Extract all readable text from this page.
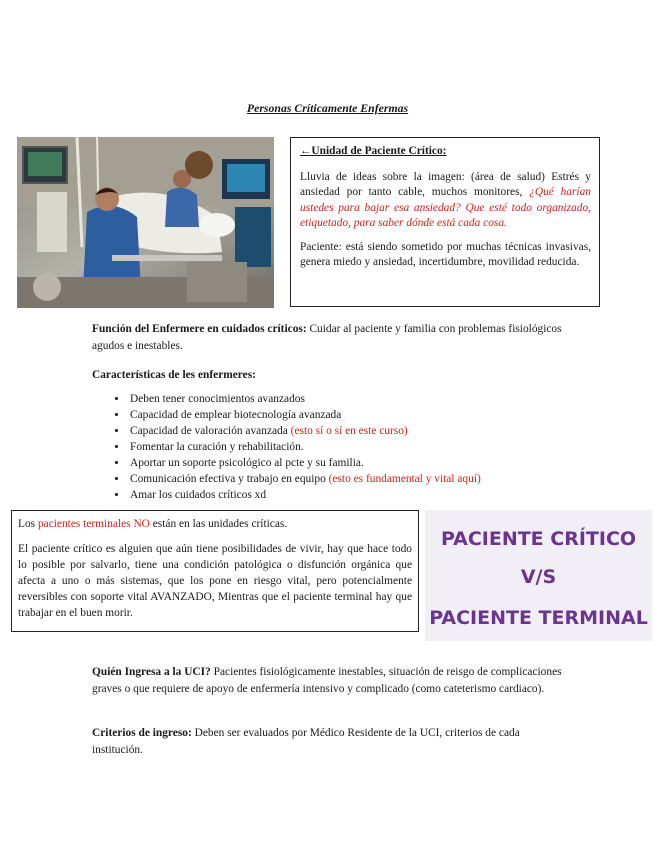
Personas Críticamente Enfermas
←Unidad de Paciente Crítico:

Lluvia de ideas sobre la imagen: (área de salud) Estrés y ansiedad por tanto cable, muchos monitores, ¿Qué harían ustedes para bajar esa ansiedad? Que esté todo organizado, etiquetado, para saber dónde está cada cosa.

Paciente: está siendo sometido por muchas técnicas invasivas, genera miedo y ansiedad, incertidumbre, movilidad reducida.

Función del Enfermere en cuidados críticos: Cuidar al paciente y familia con problemas fisiológicos agudos e inestables.
Características de les enfermeres:
• Deben tener conocimientos avanzados
• Capacidad de emplear biotecnología avanzada
• Capacidad de valoración avanzada (esto sí o sí en este curso)
• Fomentar la curación y rehabilitación.
• Aportar un soporte psicológico al pcte y su familia.
• Comunicación efectiva y trabajo en equipo (esto es fundamental y vital aquí)
• Amar los cuidados críticos xd

Los pacientes terminales NO están en las unidades críticas.

El paciente crítico es alguien que aún tiene posibilidades de vivir, hay que hace todo lo posible por salvarlo, tiene una condición patológica o disfunción orgánica que afecta a uno o más sistemas, que los pone en riesgo vital, pero potencialmente reversibles con soporte vital AVANZADO, Mientras que el paciente terminal hay que trabajar en el buen morir.

PACIENTE CRÍTICO
V/S
PACIENTE TERMINAL
Quién Ingresa a la UCI? Pacientes fisiológicamente inestables, situación de reisgo de complicaciones graves o que requiere de apoyo de enfermería intensivo y complicado (como cateterismo cardiaco).
Criterios de ingreso: Deben ser evaluados por Médico Residente de la UCI, criterios de cada institución.
